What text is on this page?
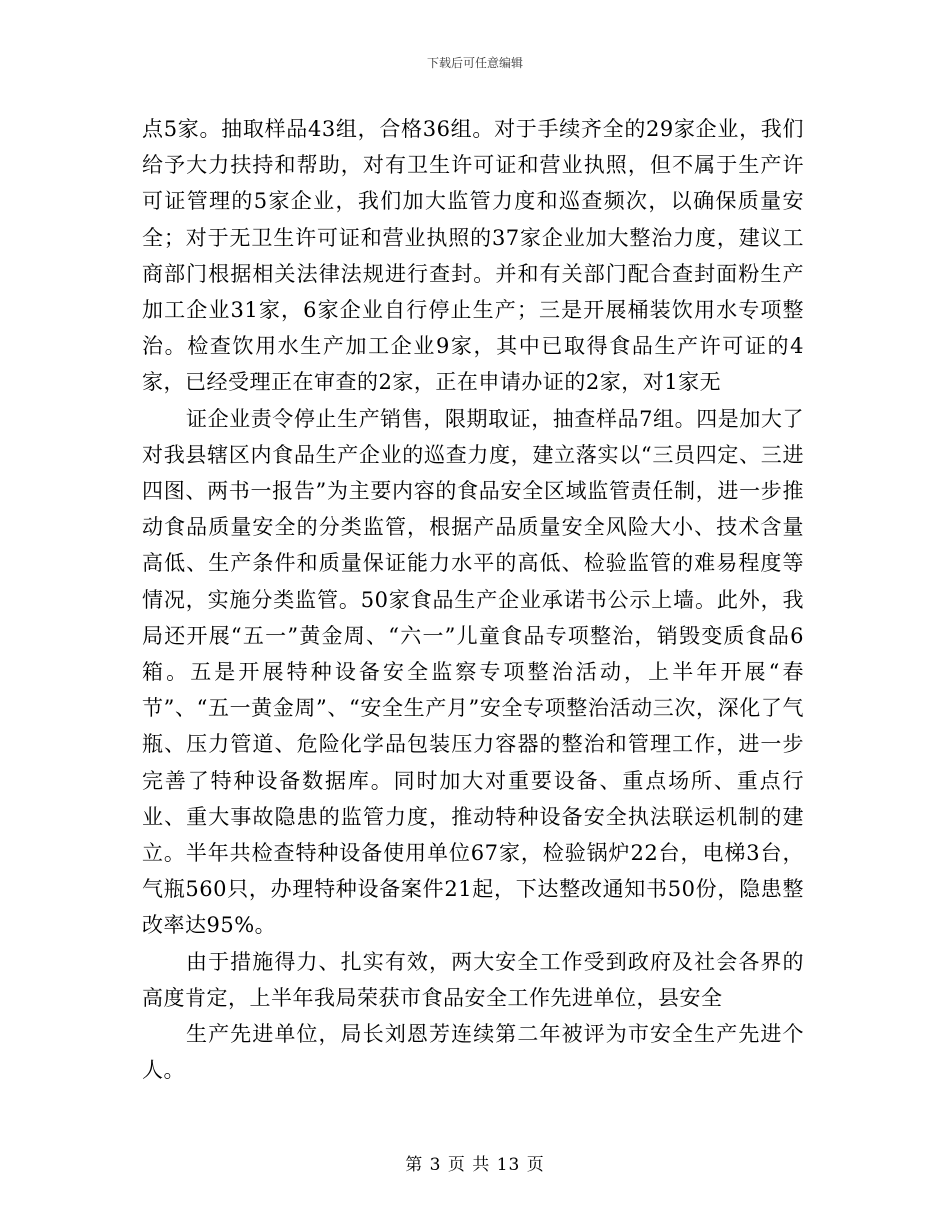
下载后可任意编辑

点5家。抽取样品43组，合格36组。对于手续齐全的29家企业，我们给予大力扶持和帮助，对有卫生许可证和营业执照，但不属于生产许可证管理的5家企业，我们加大监管力度和巡查频次，以确保质量安全；对于无卫生许可证和营业执照的37家企业加大整治力度，建议工商部门根据相关法律法规进行查封。并和有关部门配合查封面粉生产加工企业31家，6家企业自行停止生产；三是开展桶装饮用水专项整治。检查饮用水生产加工企业9家，其中已取得食品生产许可证的4家，已经受理正在审查的2家，正在申请办证的2家，对1家无

证企业责令停止生产销售，限期取证，抽查样品7组。四是加大了对我县辖区内食品生产企业的巡查力度，建立落实以“三员四定、三进四图、两书一报告”为主要内容的食品安全区域监管责任制，进一步推动食品质量安全的分类监管，根据产品质量安全风险大小、技术含量高低、生产条件和质量保证能力水平的高低、检验监管的难易程度等情况，实施分类监管。50家食品生产企业承诺书公示上墙。此外，我局还开展“五一”黄金周、“六一”儿童食品专项整治，销毁变质食品6箱。五是开展特种设备安全监察专项整治活动，上半年开展“春节”、“五一黄金周”、“安全生产月”安全专项整治活动三次，深化了气瓶、压力管道、危险化学品包装压力容器的整治和管理工作，进一步完善了特种设备数据库。同时加大对重要设备、重点场所、重点行业、重大事故隐患的监管力度，推动特种设备安全执法联运机制的建立。半年共检查特种设备使用单位67家，检验锅炉22台，电梯3台，气瓶560只，办理特种设备案件21起，下达整改通知书50份，隐患整改率达95%。

由于措施得力、扎实有效，两大安全工作受到政府及社会各界的高度肯定，上半年我局荣获市食品安全工作先进单位，县安全

生产先进单位，局长刘恩芳连续第二年被评为市安全生产先进个人。

第 3 页 共 13 页
